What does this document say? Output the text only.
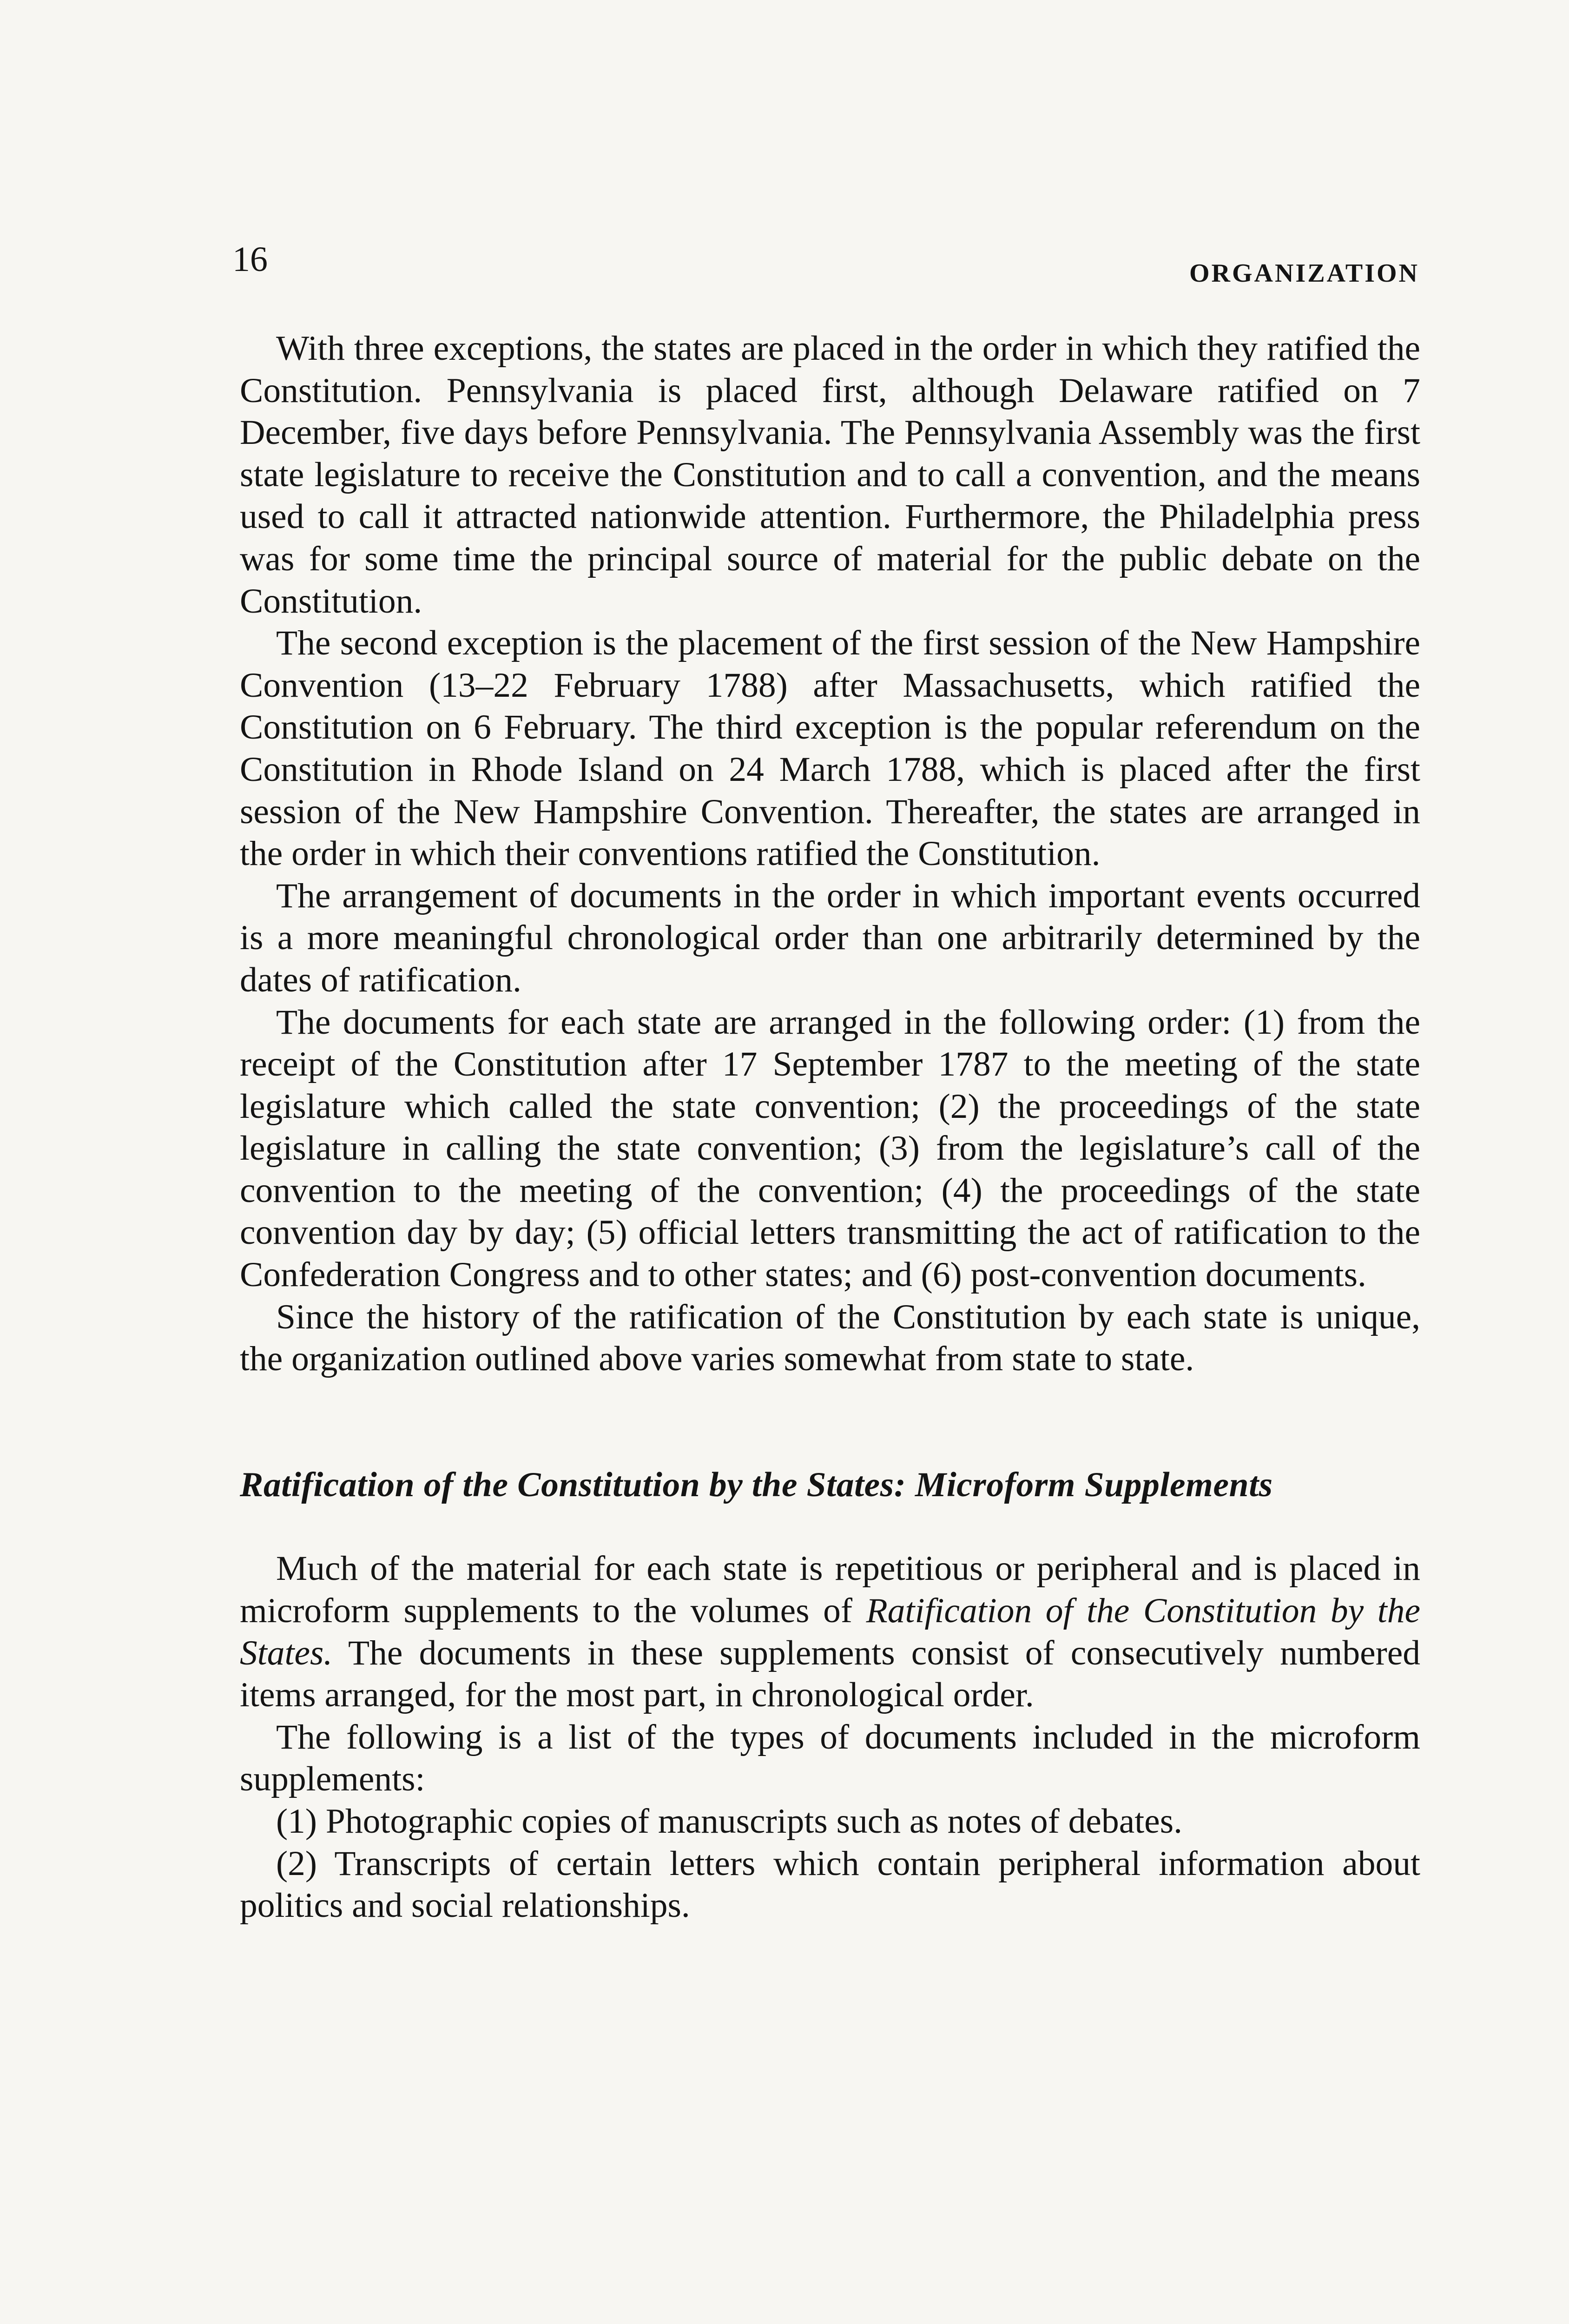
16	ORGANIZATION

With three exceptions, the states are placed in the order in which they ratified the Constitution. Pennsylvania is placed first, although Delaware ratified on 7 December, five days before Pennsylvania. The Pennsylvania Assembly was the first state legislature to receive the Constitution and to call a convention, and the means used to call it attracted nationwide attention. Furthermore, the Philadelphia press was for some time the principal source of material for the public debate on the Constitution.

The second exception is the placement of the first session of the New Hampshire Convention (13–22 February 1788) after Massachusetts, which ratified the Constitution on 6 February. The third exception is the popular referendum on the Constitution in Rhode Island on 24 March 1788, which is placed after the first session of the New Hampshire Convention. Thereafter, the states are arranged in the order in which their conventions ratified the Constitution.

The arrangement of documents in the order in which important events occurred is a more meaningful chronological order than one arbitrarily determined by the dates of ratification.

The documents for each state are arranged in the following order: (1) from the receipt of the Constitution after 17 September 1787 to the meeting of the state legislature which called the state convention; (2) the proceedings of the state legislature in calling the state convention; (3) from the legislature’s call of the convention to the meeting of the convention; (4) the proceedings of the state convention day by day; (5) official letters transmitting the act of ratification to the Confederation Congress and to other states; and (6) post-convention documents.

Since the history of the ratification of the Constitution by each state is unique, the organization outlined above varies somewhat from state to state.

Ratification of the Constitution by the States: Microform Supplements

Much of the material for each state is repetitious or peripheral and is placed in microform supplements to the volumes of Ratification of the Constitution by the States. The documents in these supplements consist of consecutively numbered items arranged, for the most part, in chronological order.

The following is a list of the types of documents included in the microform supplements:

(1) Photographic copies of manuscripts such as notes of debates.

(2) Transcripts of certain letters which contain peripheral information about politics and social relationships.
